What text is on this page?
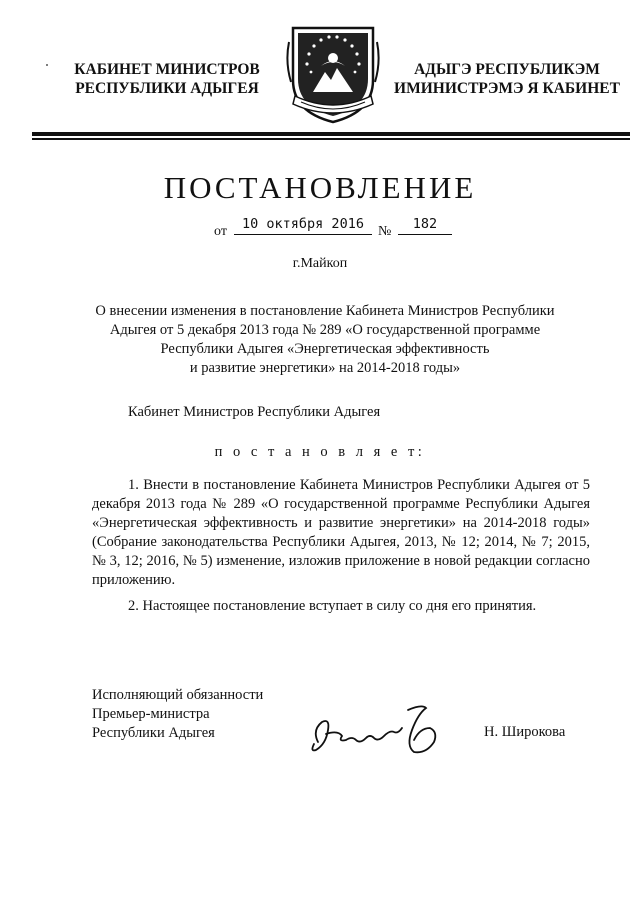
КАБИНЕТ МИНИСТРОВ
РЕСПУБЛИКИ АДЫГЕЯ
АДЫГЭ РЕСПУБЛИКЭМ
ИМИНИСТРЭМЭ Я КАБИНЕТ
ПОСТАНОВЛЕНИЕ
от	10 октября 2016	№	182
г.Майкоп
О внесении изменения в постановление Кабинета Министров Республики
Адыгея от 5 декабря 2013 года № 289 «О государственной программе
Республики Адыгея «Энергетическая эффективность
и развитие энергетики» на 2014-2018 годы»
Кабинет Министров Республики Адыгея
п о с т а н о в л я е т:
1. Внести в постановление Кабинета Министров Республики Адыгея от 5 декабря 2013 года № 289 «О государственной программе Республики Адыгея «Энергетическая эффективность и развитие энергетики» на 2014-2018 годы» (Собрание законодательства Республики Адыгея, 2013, № 12; 2014, № 7; 2015, № 3, 12; 2016, № 5) изменение, изложив приложение в новой редакции согласно приложению.
2. Настоящее постановление вступает в силу со дня его принятия.
Исполняющий обязанности
Премьер-министра
Республики Адыгея	Н. Широкова
